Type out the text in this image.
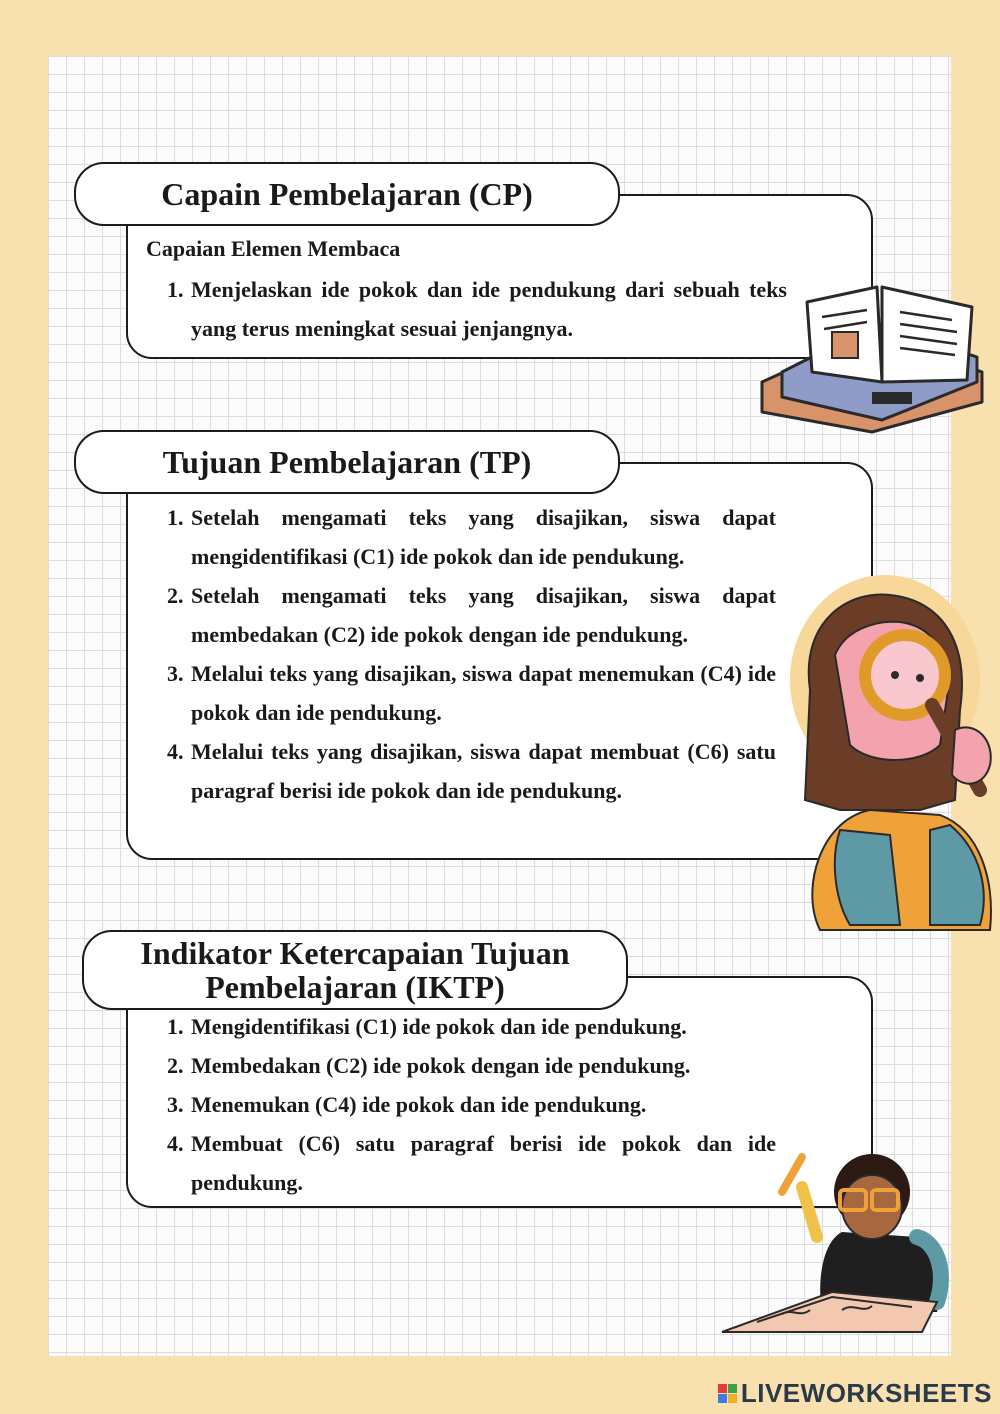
Capain Pembelajaran (CP)
Capaian Elemen Membaca
1. Menjelaskan ide pokok dan ide pendukung dari sebuah teks yang terus meningkat sesuai jenjangnya.
Tujuan Pembelajaran (TP)
1. Setelah mengamati teks yang disajikan, siswa dapat mengidentifikasi (C1) ide pokok dan ide pendukung.
2. Setelah mengamati teks yang disajikan, siswa dapat membedakan (C2) ide pokok dengan ide pendukung.
3. Melalui teks yang disajikan, siswa dapat menemukan (C4) ide pokok dan ide pendukung.
4. Melalui teks yang disajikan, siswa dapat membuat (C6) satu paragraf berisi ide pokok dan ide pendukung.
Indikator Ketercapaian Tujuan
Pembelajaran (IKTP)
1. Mengidentifikasi (C1) ide pokok dan ide pendukung.
2. Membedakan (C2) ide pokok dengan ide pendukung.
3. Menemukan (C4) ide pokok dan ide pendukung.
4. Membuat (C6) satu paragraf berisi ide pokok dan ide pendukung.
LIVEWORKSHEETS
